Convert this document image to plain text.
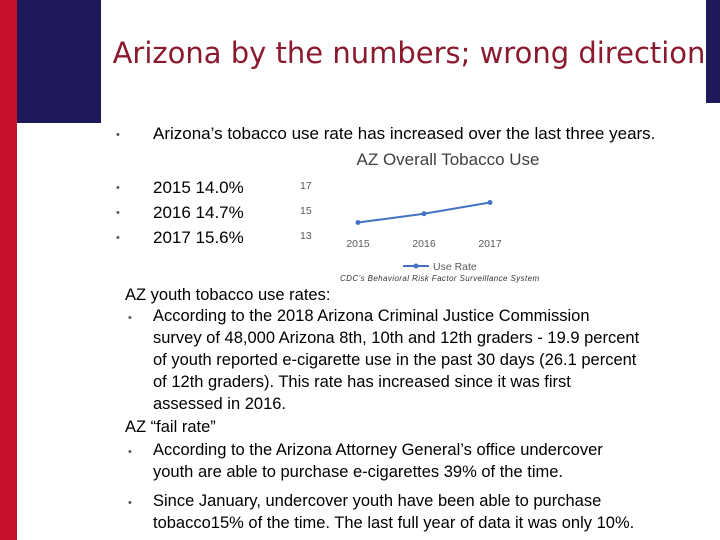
Arizona by the numbers; wrong direction
• Arizona’s tobacco use rate has increased over the last three years.
• 2015 14.0%
• 2016 14.7%
• 2017 15.6%
AZ Overall Tobacco Use
17
15
13
2015	2016	2017
Use Rate
CDC’s Behavioral Risk Factor Surveillance System
AZ youth tobacco use rates:
• According to the 2018 Arizona Criminal Justice Commission
survey of 48,000 Arizona 8th, 10th and 12th graders - 19.9 percent
of youth reported e-cigarette use in the past 30 days (26.1 percent
of 12th graders). This rate has increased since it was first
assessed in 2016.
AZ “fail rate”
• According to the Arizona Attorney General’s office undercover
youth are able to purchase e-cigarettes 39% of the time.
• Since January, undercover youth have been able to purchase
tobacco15% of the time. The last full year of data it was only 10%.
